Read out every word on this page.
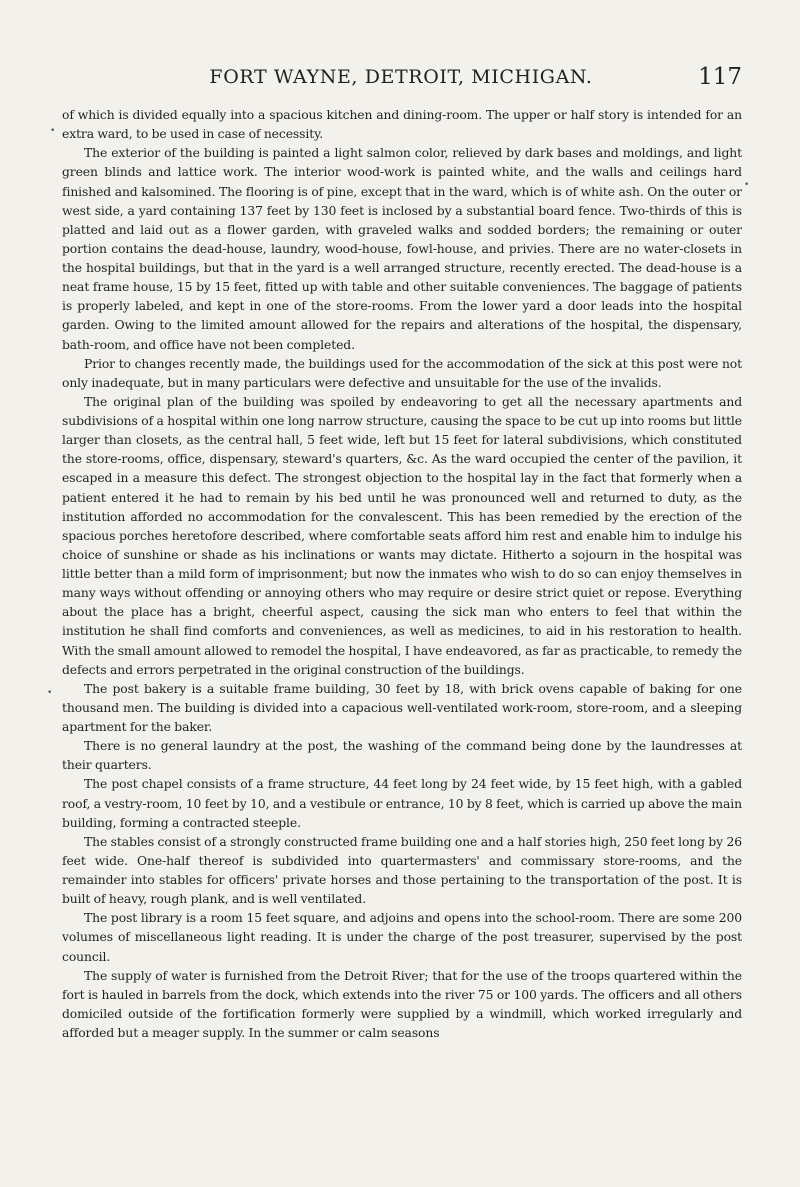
FORT WAYNE, DETROIT, MICHIGAN.	117
•
•
•

of which is divided equally into a spacious kitchen and dining-room. The upper or half story is intended for an extra ward, to be used in case of necessity.

The exterior of the building is painted a light salmon color, relieved by dark bases and moldings, and light green blinds and lattice work. The interior wood-work is painted white, and the walls and ceilings hard finished and kalsomined. The flooring is of pine, except that in the ward, which is of white ash. On the outer or west side, a yard containing 137 feet by 130 feet is inclosed by a substantial board fence. Two-thirds of this is platted and laid out as a flower garden, with graveled walks and sodded borders; the remaining or outer portion contains the dead-house, laundry, wood-house, fowl-house, and privies. There are no water-closets in the hospital buildings, but that in the yard is a well arranged structure, recently erected. The dead-house is a neat frame house, 15 by 15 feet, fitted up with table and other suitable conveniences. The baggage of patients is properly labeled, and kept in one of the store-rooms. From the lower yard a door leads into the hospital garden. Owing to the limited amount allowed for the repairs and alterations of the hospital, the dispensary, bath-room, and office have not been completed.

Prior to changes recently made, the buildings used for the accommodation of the sick at this post were not only inadequate, but in many particulars were defective and unsuitable for the use of the invalids.

The original plan of the building was spoiled by endeavoring to get all the necessary apartments and subdivisions of a hospital within one long narrow structure, causing the space to be cut up into rooms but little larger than closets, as the central hall, 5 feet wide, left but 15 feet for lateral subdivisions, which constituted the store-rooms, office, dispensary, steward's quarters, &c. As the ward occupied the center of the pavilion, it escaped in a measure this defect. The strongest objection to the hospital lay in the fact that formerly when a patient entered it he had to remain by his bed until he was pronounced well and returned to duty, as the institution afforded no accommodation for the convalescent. This has been remedied by the erection of the spacious porches heretofore described, where comfortable seats afford him rest and enable him to indulge his choice of sunshine or shade as his inclinations or wants may dictate. Hitherto a sojourn in the hospital was little better than a mild form of imprisonment; but now the inmates who wish to do so can enjoy themselves in many ways without offending or annoying others who may require or desire strict quiet or repose. Everything about the place has a bright, cheerful aspect, causing the sick man who enters to feel that within the institution he shall find comforts and conveniences, as well as medicines, to aid in his restoration to health. With the small amount allowed to remodel the hospital, I have endeavored, as far as practicable, to remedy the defects and errors perpetrated in the original construction of the buildings.

The post bakery is a suitable frame building, 30 feet by 18, with brick ovens capable of baking for one thousand men. The building is divided into a capacious well-ventilated work-room, store-room, and a sleeping apartment for the baker.

There is no general laundry at the post, the washing of the command being done by the laundresses at their quarters.

The post chapel consists of a frame structure, 44 feet long by 24 feet wide, by 15 feet high, with a gabled roof, a vestry-room, 10 feet by 10, and a vestibule or entrance, 10 by 8 feet, which is carried up above the main building, forming a contracted steeple.

The stables consist of a strongly constructed frame building one and a half stories high, 250 feet long by 26 feet wide. One-half thereof is subdivided into quartermasters' and commissary store-rooms, and the remainder into stables for officers' private horses and those pertaining to the transportation of the post. It is built of heavy, rough plank, and is well ventilated.

The post library is a room 15 feet square, and adjoins and opens into the school-room. There are some 200 volumes of miscellaneous light reading. It is under the charge of the post treasurer, supervised by the post council.

The supply of water is furnished from the Detroit River; that for the use of the troops quartered within the fort is hauled in barrels from the dock, which extends into the river 75 or 100 yards. The officers and all others domiciled outside of the fortification formerly were supplied by a windmill, which worked irregularly and afforded but a meager supply. In the summer or calm seasons
